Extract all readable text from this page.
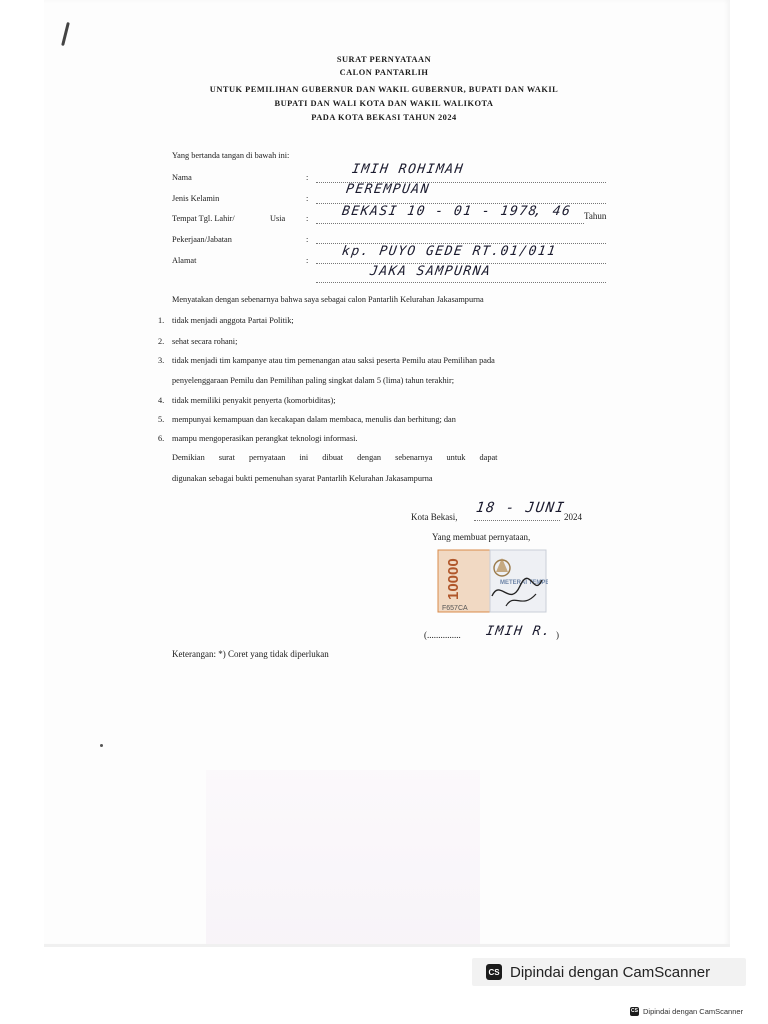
SURAT PERNYATAAN
CALON PANTARLIH
UNTUK PEMILIHAN GUBERNUR DAN WAKIL GUBERNUR, BUPATI DAN WAKIL
BUPATI DAN WALI KOTA DAN WAKIL WALIKOTA
PADA KOTA BEKASI TAHUN 2024
Yang bertanda tangan di bawah ini:
Nama	:
IMIH ROHIMAH
Jenis Kelamin	:
PEREMPUAN
Tempat Tgl. Lahir/	Usia	:	BEKASI 10 - 01 - 1978
, 46 Tahun
Pekerjaan/Jabatan	:
Alamat	:
kp. PUYO GEDE RT.01/011
JAKA SAMPURNA
Menyatakan dengan sebenarnya bahwa saya sebagai calon Pantarlih Kelurahan Jakasampurna
1. tidak menjadi anggota Partai Politik;
2. sehat secara rohani;
3. tidak menjadi tim kampanye atau tim pemenangan atau saksi peserta Pemilu atau Pemilihan pada
penyelenggaraan Pemilu dan Pemilihan paling singkat dalam 5 (lima) tahun terakhir;
4. tidak memiliki penyakit penyerta (komorbiditas);
5. mempunyai kemampuan dan kecakapan dalam membaca, menulis dan berhitung; dan
6. mampu mengoperasikan perangkat teknologi informasi.
Demikian surat pernyataan ini dibuat dengan sebenarnya untuk dapat
digunakan sebagai bukti pemenuhan syarat Pantarlih Kelurahan Jakasampurna
Kota Bekasi,
18 - JUNI
2024
Yang membuat pernyataan,
10000
F657CA
METERAI TEMPEL
(............... IMIH R. )
Keterangan: *) Coret yang tidak diperlukan
CS Dipindai dengan CamScanner
CS Dipindai dengan CamScanner
